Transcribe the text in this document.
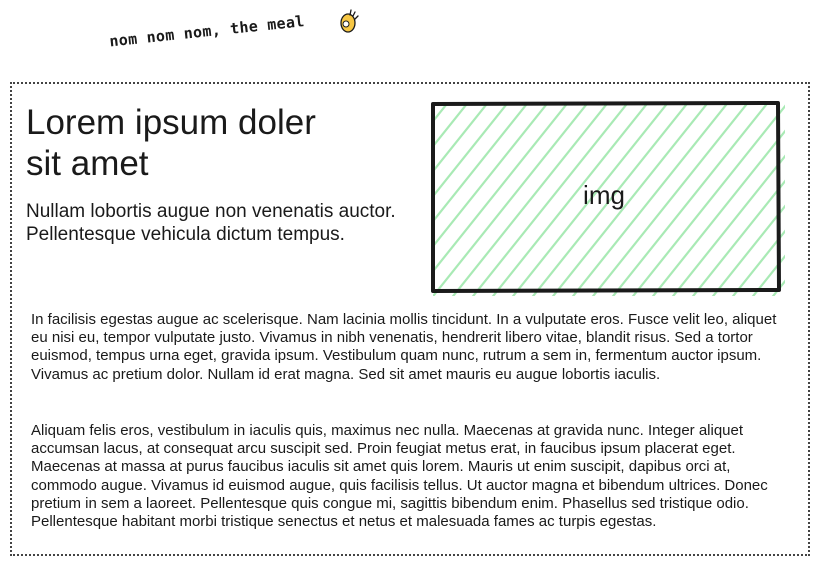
nom nom nom, the meal
Lorem ipsum doler
sit amet

Nullam lobortis augue non venenatis auctor.
Pellentesque vehicula dictum tempus.

img

In facilisis egestas augue ac scelerisque. Nam lacinia mollis tincidunt. In a vulputate eros. Fusce velit leo, aliquet eu nisi eu, tempor vulputate justo. Vivamus in nibh venenatis, hendrerit libero vitae, blandit risus. Sed a tortor euismod, tempus urna eget, gravida ipsum. Vestibulum quam nunc, rutrum a sem in, fermentum auctor ipsum. Vivamus ac pretium dolor. Nullam id erat magna. Sed sit amet mauris eu augue lobortis iaculis.

Aliquam felis eros, vestibulum in iaculis quis, maximus nec nulla. Maecenas at gravida nunc. Integer aliquet accumsan lacus, at consequat arcu suscipit sed. Proin feugiat metus erat, in faucibus ipsum placerat eget. Maecenas at massa at purus faucibus iaculis sit amet quis lorem. Mauris ut enim suscipit, dapibus orci at, commodo augue. Vivamus id euismod augue, quis facilisis tellus. Ut auctor magna et bibendum ultrices. Donec pretium in sem a laoreet. Pellentesque quis congue mi, sagittis bibendum enim. Phasellus sed tristique odio. Pellentesque habitant morbi tristique senectus et netus et malesuada fames ac turpis egestas.
